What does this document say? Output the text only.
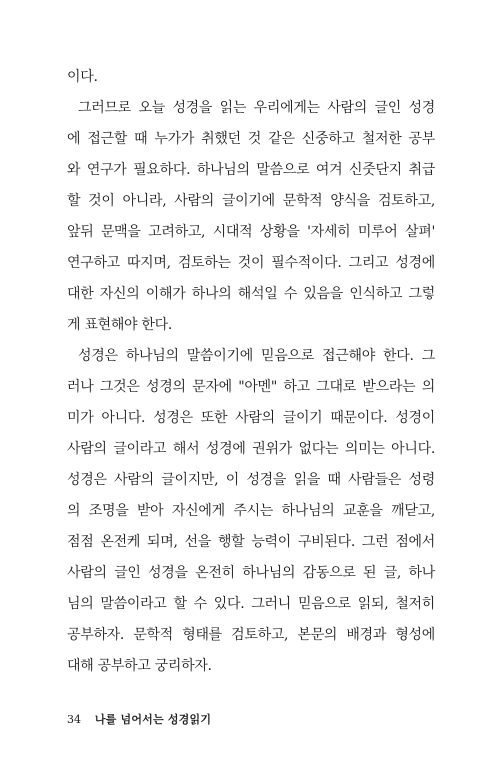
이다.
그러므로 오늘 성경을 읽는 우리에게는 사람의 글인 성경
에 접근할 때 누가가 취했던 것 같은 신중하고 철저한 공부
와 연구가 필요하다. 하나님의 말씀으로 여겨 신줏단지 취급
할 것이 아니라, 사람의 글이기에 문학적 양식을 검토하고,
앞뒤 문맥을 고려하고, 시대적 상황을 '자세히 미루어 살펴'
연구하고 따지며, 검토하는 것이 필수적이다. 그리고 성경에
대한 자신의 이해가 하나의 해석일 수 있음을 인식하고 그렇
게 표현해야 한다.
성경은 하나님의 말씀이기에 믿음으로 접근해야 한다. 그
러나 그것은 성경의 문자에 "아멘" 하고 그대로 받으라는 의
미가 아니다. 성경은 또한 사람의 글이기 때문이다. 성경이
사람의 글이라고 해서 성경에 권위가 없다는 의미는 아니다.
성경은 사람의 글이지만, 이 성경을 읽을 때 사람들은 성령
의 조명을 받아 자신에게 주시는 하나님의 교훈을 깨닫고,
점점 온전케 되며, 선을 행할 능력이 구비된다. 그런 점에서
사람의 글인 성경을 온전히 하나님의 감동으로 된 글, 하나
님의 말씀이라고 할 수 있다. 그러니 믿음으로 읽되, 철저히
공부하자. 문학적 형태를 검토하고, 본문의 배경과 형성에
대해 공부하고 궁리하자.
34 나를 넘어서는 성경읽기
